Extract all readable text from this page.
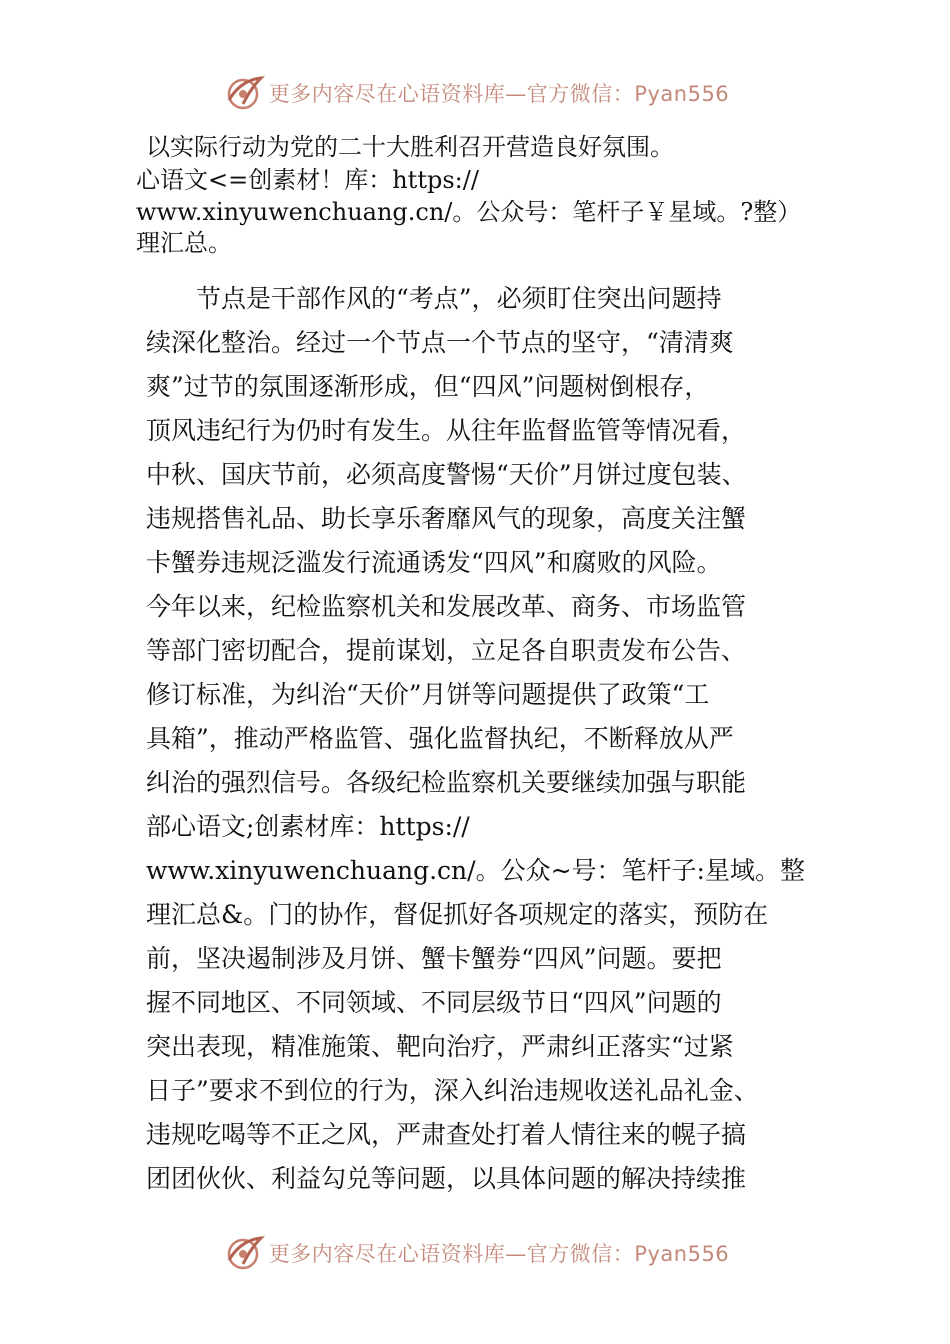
更多内容尽在心语资料库—官方微信：Pyan556
以实际行动为党的二十大胜利召开营造良好氛围。
心语文<=创素材！库：https://
www.xinyuwenchuang.cn/。公众号：笔杆子￥星域。?整）
理汇总。
节点是干部作风的“考点”，必须盯住突出问题持
续深化整治。经过一个节点一个节点的坚守，“清清爽
爽”过节的氛围逐渐形成，但“四风”问题树倒根存，
顶风违纪行为仍时有发生。从往年监督监管等情况看，
中秋、国庆节前，必须高度警惕“天价”月饼过度包装、
违规搭售礼品、助长享乐奢靡风气的现象，高度关注蟹
卡蟹券违规泛滥发行流通诱发“四风”和腐败的风险。
今年以来，纪检监察机关和发展改革、商务、市场监管
等部门密切配合，提前谋划，立足各自职责发布公告、
修订标准，为纠治“天价”月饼等问题提供了政策“工
具箱”，推动严格监管、强化监督执纪，不断释放从严
纠治的强烈信号。各级纪检监察机关要继续加强与职能
部心语文;创素材库：https://
www.xinyuwenchuang.cn/。公众~号：笔杆子:星域。整
理汇总&。门的协作，督促抓好各项规定的落实，预防在
前，坚决遏制涉及月饼、蟹卡蟹券“四风”问题。要把
握不同地区、不同领域、不同层级节日“四风”问题的
突出表现，精准施策、靶向治疗，严肃纠正落实“过紧
日子”要求不到位的行为，深入纠治违规收送礼品礼金、
违规吃喝等不正之风，严肃查处打着人情往来的幌子搞
团团伙伙、利益勾兑等问题，以具体问题的解决持续推
更多内容尽在心语资料库—官方微信：Pyan556
